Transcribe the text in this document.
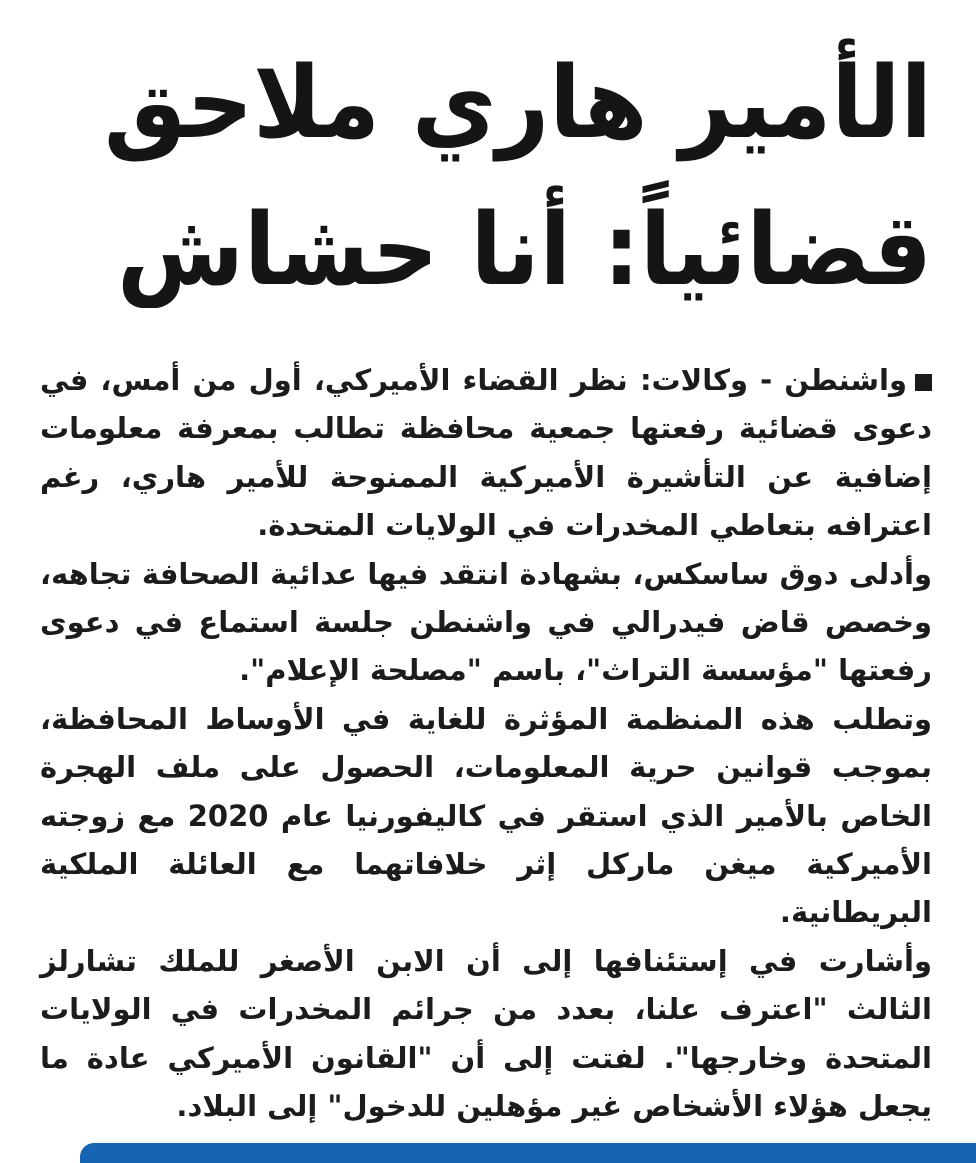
الأمير هاري ملاحق
قضائياً: أنا حشاش

واشنطن - وكالات: نظر القضاء الأميركي، أول من أمس، في دعوى قضائية رفعتها جمعية محافظة تطالب بمعرفة معلومات إضافية عن التأشيرة الأميركية الممنوحة للأمير هاري، رغم اعترافه بتعاطي المخدرات في الولايات المتحدة.

وأدلى دوق ساسكس، بشهادة انتقد فيها عدائية الصحافة تجاهه، وخصص قاض فيدرالي في واشنطن جلسة استماع في دعوى رفعتها "مؤسسة التراث"، باسم "مصلحة الإعلام".

وتطلب هذه المنظمة المؤثرة للغاية في الأوساط المحافظة، بموجب قوانين حرية المعلومات، الحصول على ملف الهجرة الخاص بالأمير الذي استقر في كاليفورنيا عام 2020 مع زوجته الأميركية ميغن ماركل إثر خلافاتهما مع العائلة الملكية البريطانية.

وأشارت في إستئنافها إلى أن الابن الأصغر للملك تشارلز الثالث "اعترف علنا، بعدد من جرائم المخدرات في الولايات المتحدة وخارجها". لفتت إلى أن "القانون الأميركي عادة ما يجعل هؤلاء الأشخاص غير مؤهلين للدخول" إلى البلاد.
